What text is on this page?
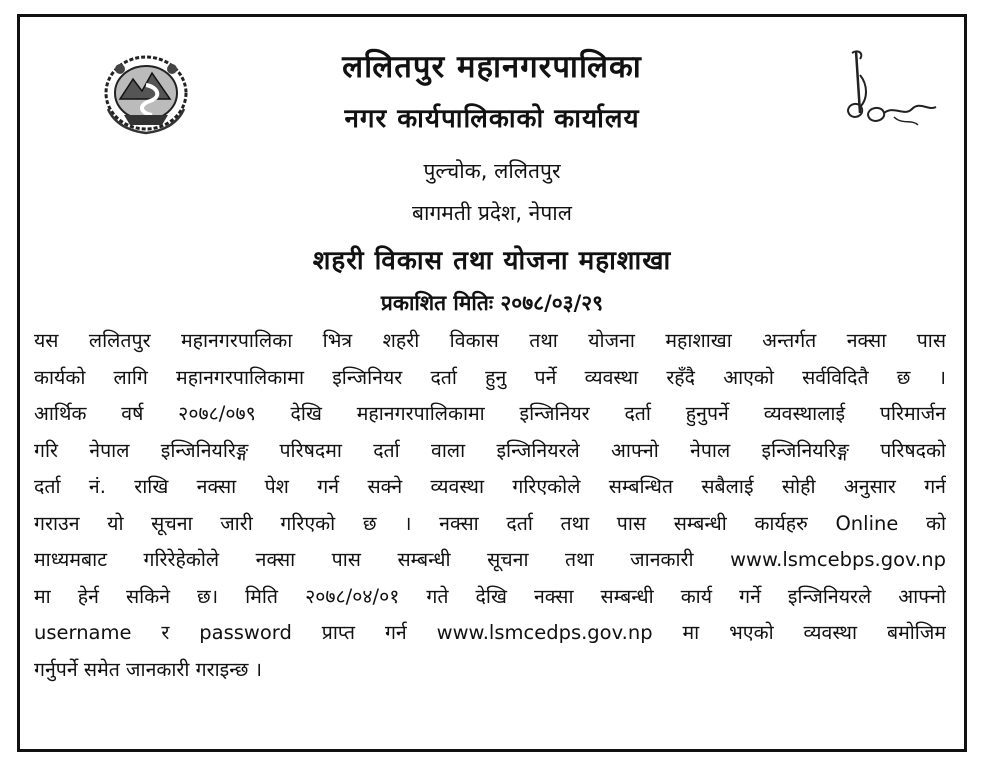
ललितपुर महानगरपालिका
नगर कार्यपालिकाको कार्यालय
पुल्चोक, ललितपुर
बागमती प्रदेश, नेपाल
शहरी विकास तथा योजना महाशाखा
प्रकाशित मितिः २०७८/०३/२९
यस ललितपुर महानगरपालिका भित्र शहरी विकास तथा योजना महाशाखा अन्तर्गत नक्सा पास
कार्यको लागि महानगरपालिकामा इन्जिनियर दर्ता हुनु पर्ने व्यवस्था रहँदै आएको सर्वविदितै छ ।
आर्थिक वर्ष २०७८/०७९ देखि महानगरपालिकामा इन्जिनियर दर्ता हुनुपर्ने व्यवस्थालाई परिमार्जन
गरि नेपाल इन्जिनियरिङ्ग परिषदमा दर्ता वाला इन्जिनियरले आफ्नो नेपाल इन्जिनियरिङ्ग परिषदको
दर्ता नं. राखि नक्सा पेश गर्न सक्ने व्यवस्था गरिएकोले सम्बन्धित सबैलाई सोही अनुसार गर्न
गराउन यो सूचना जारी गरिएको छ । नक्सा दर्ता तथा पास सम्बन्धी कार्यहरु Online को
माध्यमबाट गरिरेहेकोले नक्सा पास सम्बन्धी सूचना तथा जानकारी www.lsmcebps.gov.np
मा हेर्न सकिने छ। मिति २०७८/०४/०१ गते देखि नक्सा सम्बन्धी कार्य गर्ने इन्जिनियरले आफ्नो
username र password प्राप्त गर्न www.lsmcedps.gov.np मा भएको व्यवस्था बमोजिम
गर्नुपर्ने समेत जानकारी गराइन्छ ।
